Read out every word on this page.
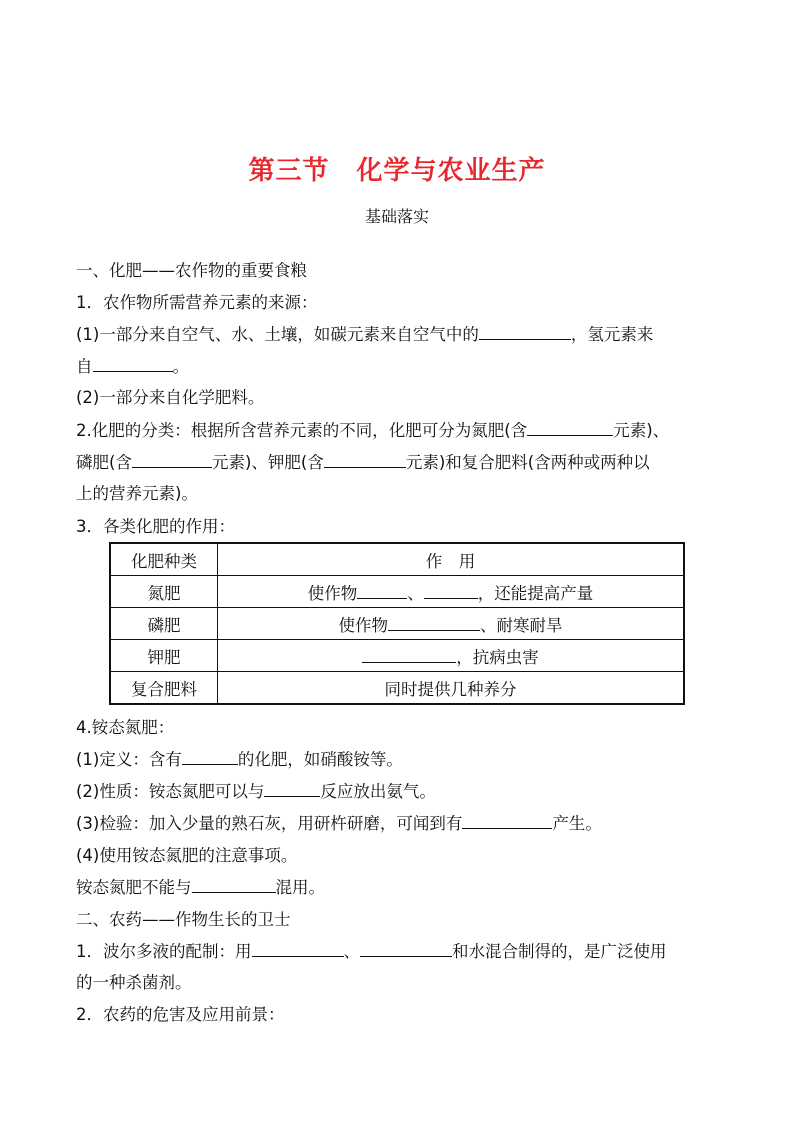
第三节　化学与农业生产
基础落实
一、化肥——农作物的重要食粮
1．农作物所需营养元素的来源：
(1)一部分来自空气、水、土壤，如碳元素来自空气中的	，氢元素来
自	。
(2)一部分来自化学肥料。
2.化肥的分类：根据所含营养元素的不同，化肥可分为氮肥(含	元素)、
磷肥(含	元素)、钾肥(含	元素)和复合肥料(含两种或两种以
上的营养元素)。
3．各类化肥的作用：
化肥种类	作　用
氮肥	使作物 、 ，还能提高产量
磷肥	使作物 、耐寒耐旱
钾肥	，抗病虫害
复合肥料	同时提供几种养分
4.铵态氮肥：
(1)定义：含有	的化肥，如硝酸铵等。
(2)性质：铵态氮肥可以与	反应放出氨气。
(3)检验：加入少量的熟石灰，用研杵研磨，可闻到有	产生。
(4)使用铵态氮肥的注意事项。
铵态氮肥不能与	混用。
二、农药——作物生长的卫士
1．波尔多液的配制：用	、	和水混合制得的，是广泛使用
的一种杀菌剂。
2．农药的危害及应用前景：
